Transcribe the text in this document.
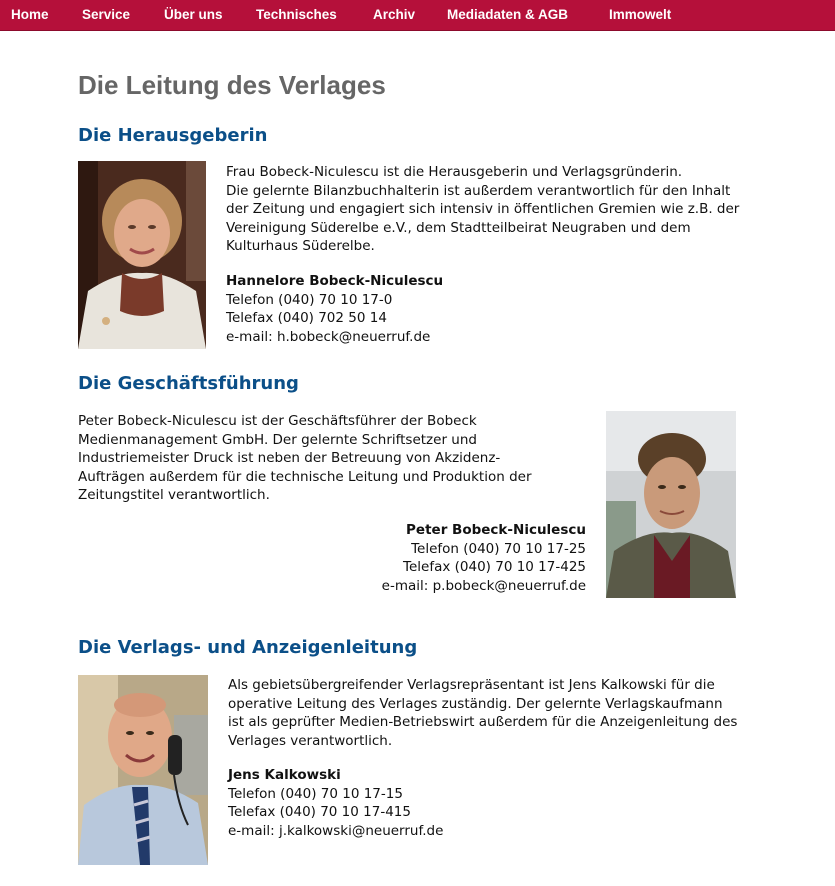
Home Service	Über uns Technisches	Archiv Mediadaten & AGB	Immowelt
Die Leitung des Verlages
Die Herausgeberin
Frau Bobeck-Niculescu ist die Herausgeberin und Verlagsgründerin.
Die gelernte Bilanzbuchhalterin ist außerdem verantwortlich für den Inhalt
der Zeitung und engagiert sich intensiv in öffentlichen Gremien wie z.B. der
Vereinigung Süderelbe e.V., dem Stadtteilbeirat Neugraben und dem
Kulturhaus Süderelbe.
Hannelore Bobeck-Niculescu
Telefon (040) 70 10 17-0
Telefax (040) 702 50 14
e-mail: h.bobeck@neuerruf.de
Die Geschäftsführung
Peter Bobeck-Niculescu ist der Geschäftsführer der Bobeck
Medienmanagement GmbH. Der gelernte Schriftsetzer und
Industriemeister Druck ist neben der Betreuung von Akzidenz-
Aufträgen außerdem für die technische Leitung und Produktion der
Zeitungstitel verantwortlich.
Peter Bobeck-Niculescu
Telefon (040) 70 10 17-25
Telefax (040) 70 10 17-425
e-mail: p.bobeck@neuerruf.de
Die Verlags- und Anzeigenleitung
Als gebietsübergreifender Verlagsrepräsentant ist Jens Kalkowski für die
operative Leitung des Verlages zuständig. Der gelernte Verlagskaufmann
ist als geprüfter Medien-Betriebswirt außerdem für die Anzeigenleitung des
Verlages verantwortlich.
Jens Kalkowski
Telefon (040) 70 10 17-15
Telefax (040) 70 10 17-415
e-mail: j.kalkowski@neuerruf.de
